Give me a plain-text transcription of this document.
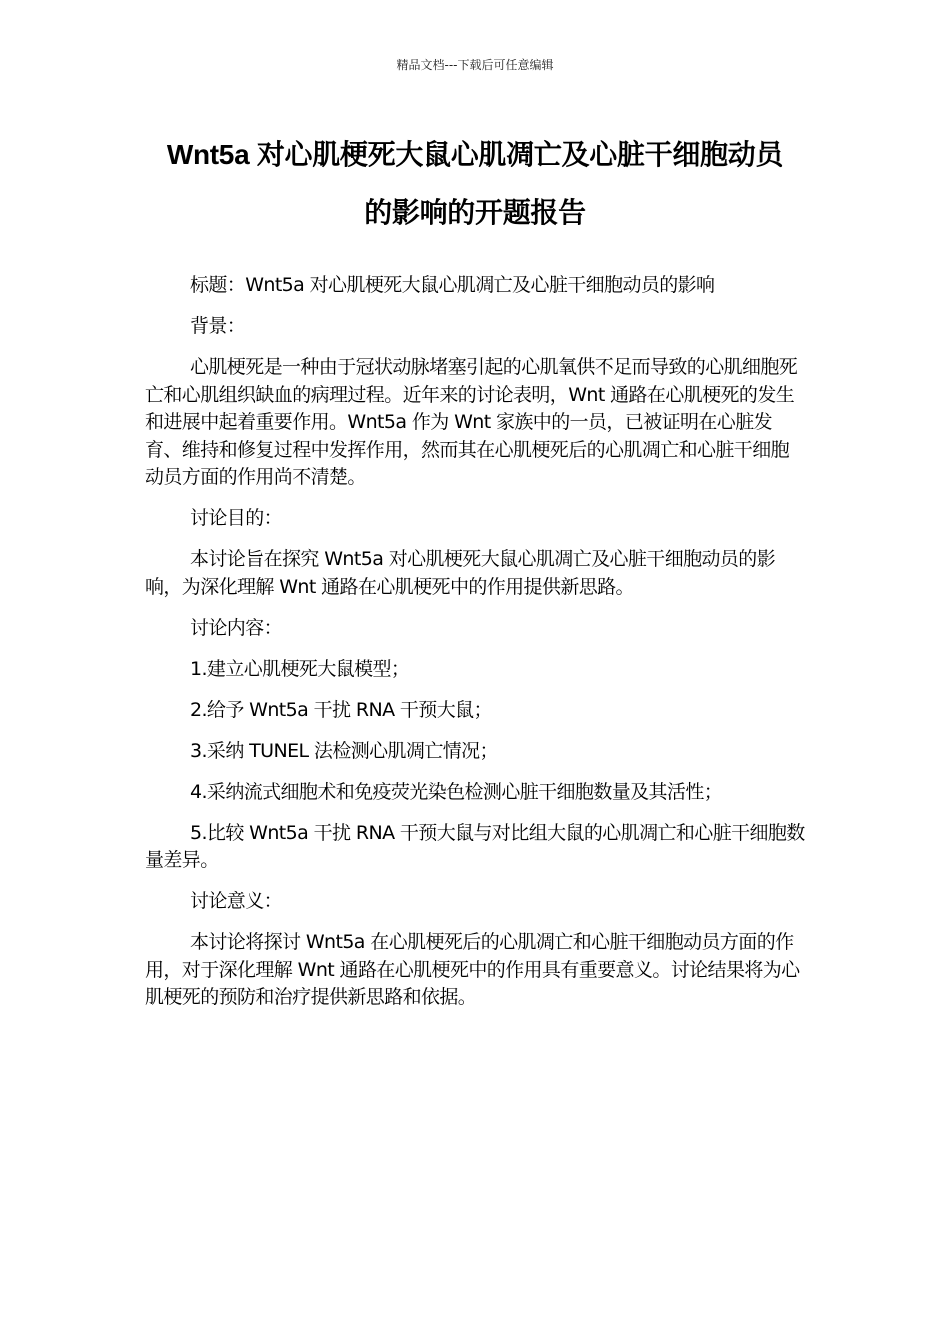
精品文档---下载后可任意编辑
Wnt5a 对心肌梗死大鼠心肌凋亡及心脏干细胞动员
的影响的开题报告

标题：Wnt5a 对心肌梗死大鼠心肌凋亡及心脏干细胞动员的影响

背景：

心肌梗死是一种由于冠状动脉堵塞引起的心肌氧供不足而导致的心肌细胞死亡和心肌组织缺血的病理过程。近年来的讨论表明，Wnt 通路在心肌梗死的发生和进展中起着重要作用。Wnt5a 作为 Wnt 家族中的一员，已被证明在心脏发育、维持和修复过程中发挥作用，然而其在心肌梗死后的心肌凋亡和心脏干细胞动员方面的作用尚不清楚。

讨论目的：

本讨论旨在探究 Wnt5a 对心肌梗死大鼠心肌凋亡及心脏干细胞动员的影响，为深化理解 Wnt 通路在心肌梗死中的作用提供新思路。

讨论内容：

1.建立心肌梗死大鼠模型；

2.给予 Wnt5a 干扰 RNA 干预大鼠；

3.采纳 TUNEL 法检测心肌凋亡情况；

4.采纳流式细胞术和免疫荧光染色检测心脏干细胞数量及其活性；

5.比较 Wnt5a 干扰 RNA 干预大鼠与对比组大鼠的心肌凋亡和心脏干细胞数量差异。

讨论意义：

本讨论将探讨 Wnt5a 在心肌梗死后的心肌凋亡和心脏干细胞动员方面的作用，对于深化理解 Wnt 通路在心肌梗死中的作用具有重要意义。讨论结果将为心肌梗死的预防和治疗提供新思路和依据。
